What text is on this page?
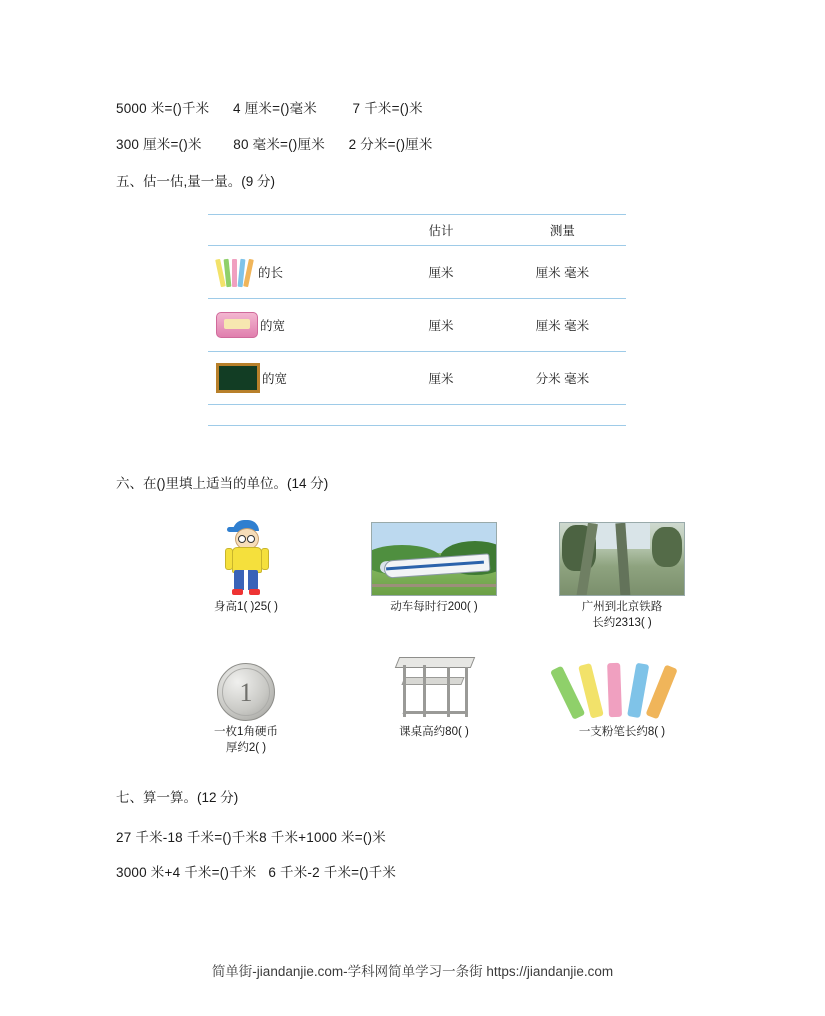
5000 米=()千米      4 厘米=()毫米         7 千米=()米
300 厘米=()米        80 毫米=()厘米      2 分米=()厘米
五、估一估,量一量。(9 分)
	估计	测量

的长	厘米	厘米 毫米

的宽	厘米	厘米 毫米

的宽	厘米	分米 毫米

六、在()里填上适当的单位。(14 分)
身高1( )25( )	动车每时行200( )	广州到北京铁路
长约2313( )
1
一枚1角硬币
厚约2( )
课桌高约80( )	一支粉笔长约8( )
七、算一算。(12 分)
27 千米-18 千米=()千米8 千米+1000 米=()米
3000 米+4 千米=()千米   6 千米-2 千米=()千米
简单街-jiandanjie.com-学科网简单学习一条街 https://jiandanjie.com
